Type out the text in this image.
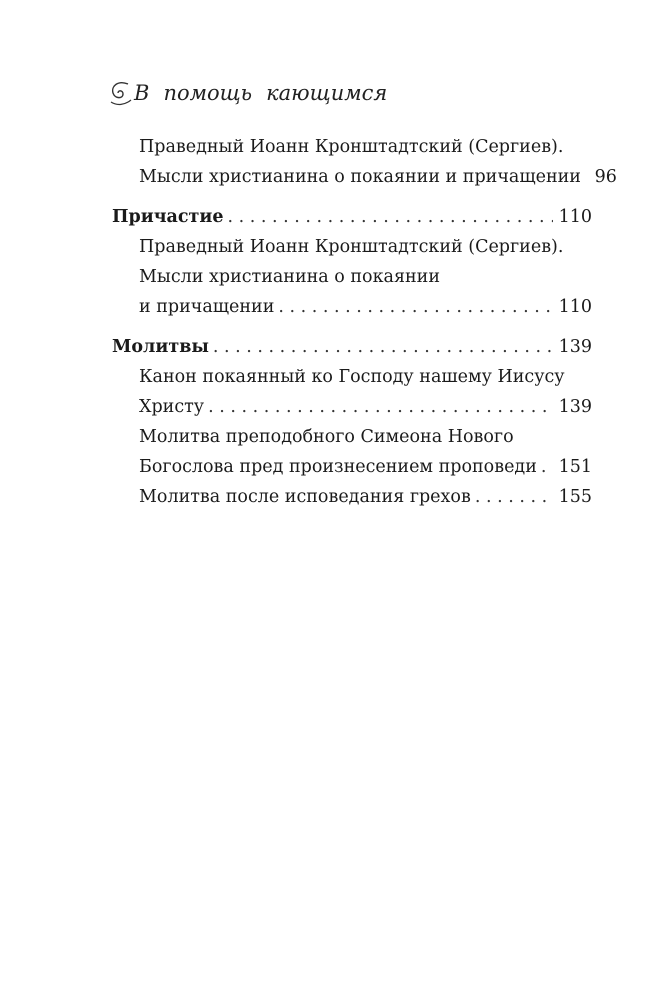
В помощь кающимся
Праведный Иоанн Кронштадтский (Сергиев).
Мысли христианина о покаянии и причащении 96
Причастие . . .	110
Праведный Иоанн Кронштадтский (Сергиев).
Мысли христианина о покаянии
и причащении . . .	110
Молитвы . . .	139
Канон покаянный ко Господу нашему Иисусу
Христу . . .	139
Молитва преподобного Симеона Нового
Богослова пред произнесением проповеди . . . 151
Молитва после исповедания грехов . . .	155
